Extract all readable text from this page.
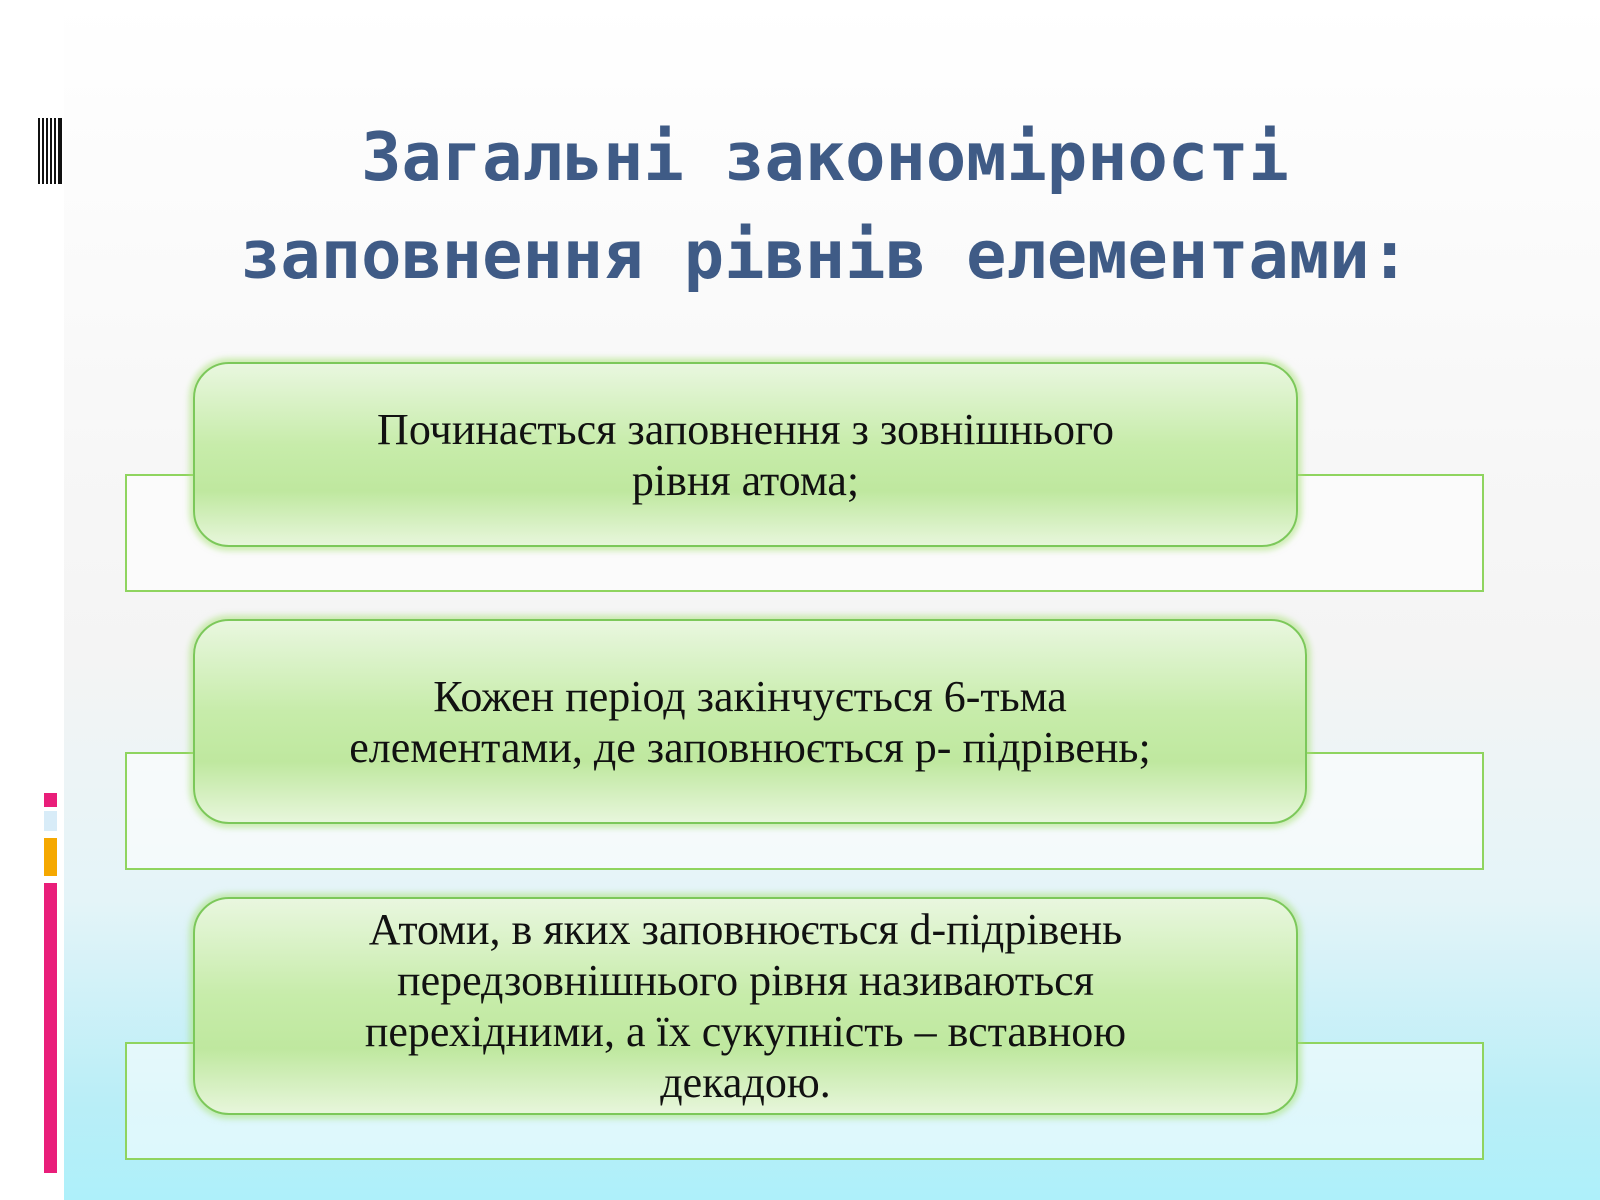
Загальні закономірності
заповнення рівнів елементами:
Починається заповнення з зовнішнього
рівня атома;
Кожен період закінчується 6-тьма
елементами, де заповнюється р- підрівень;
Атоми, в яких заповнюється d-підрівень
передзовнішнього рівня називаються
перехідними, а їх сукупність – вставною
декадою.
